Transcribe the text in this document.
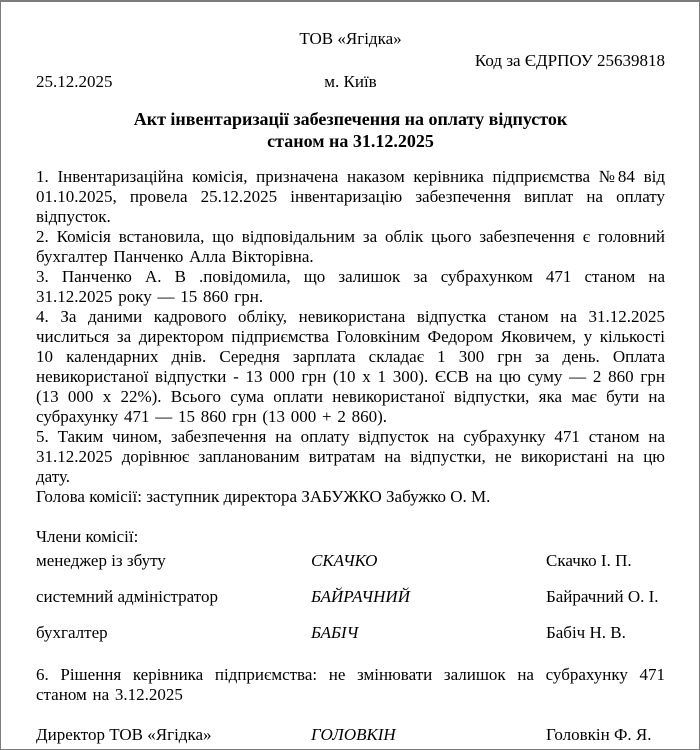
ТОВ «Ягідка»
Код за ЄДРПОУ 25639818
25.12.2025	м. Київ
Акт інвентаризації забезпечення на оплату відпусток
станом на 31.12.2025

1. Інвентаризаційна комісія, призначена наказом керівника підприємства №84 від 01.10.2025, провела 25.12.2025 інвентаризацію забезпечення виплат на оплату відпусток.

2. Комісія встановила, що відповідальним за облік цього забезпечення є головний бухгалтер Панченко Алла Вікторівна.

3. Панченко А. В .повідомила, що залишок за субрахунком 471 станом на 31.12.2025 року — 15 860 грн.

4. За даними кадрового обліку, невикористана відпустка станом на 31.12.2025 числиться за директором підприємства Головкіним Федором Яковичем, у кількості 10 календарних днів. Середня зарплата складає 1 300 грн за день. Оплата невикористаної відпустки - 13 000 грн (10 х 1 300). ЄСВ на цю суму — 2 860 грн (13 000 х 22%). Всього сума оплати невикористаної відпустки, яка має бути на субрахунку 471 — 15 860 грн (13 000 + 2 860).

5. Таким чином, забезпечення на оплату відпусток на субрахунку 471 станом на 31.12.2025 дорівнює запланованим витратам на відпустки, не використані на цю дату.

Голова комісії: заступник директора ЗАБУЖКО Забужко О. М.

Члени комісії:
менеджер із збуту	СКАЧКО	Скачко І. П.
системний адміністратор	БАЙРАЧНИЙ	Байрачний О. І.
бухгалтер	БАБІЧ	Бабіч Н. В.

6. Рішення керівника підприємства: не змінювати залишок на субрахунку 471 станом на 3.12.2025

Директор ТОВ «Ягідка»	ГОЛОВКІН	Головкін Ф. Я.
